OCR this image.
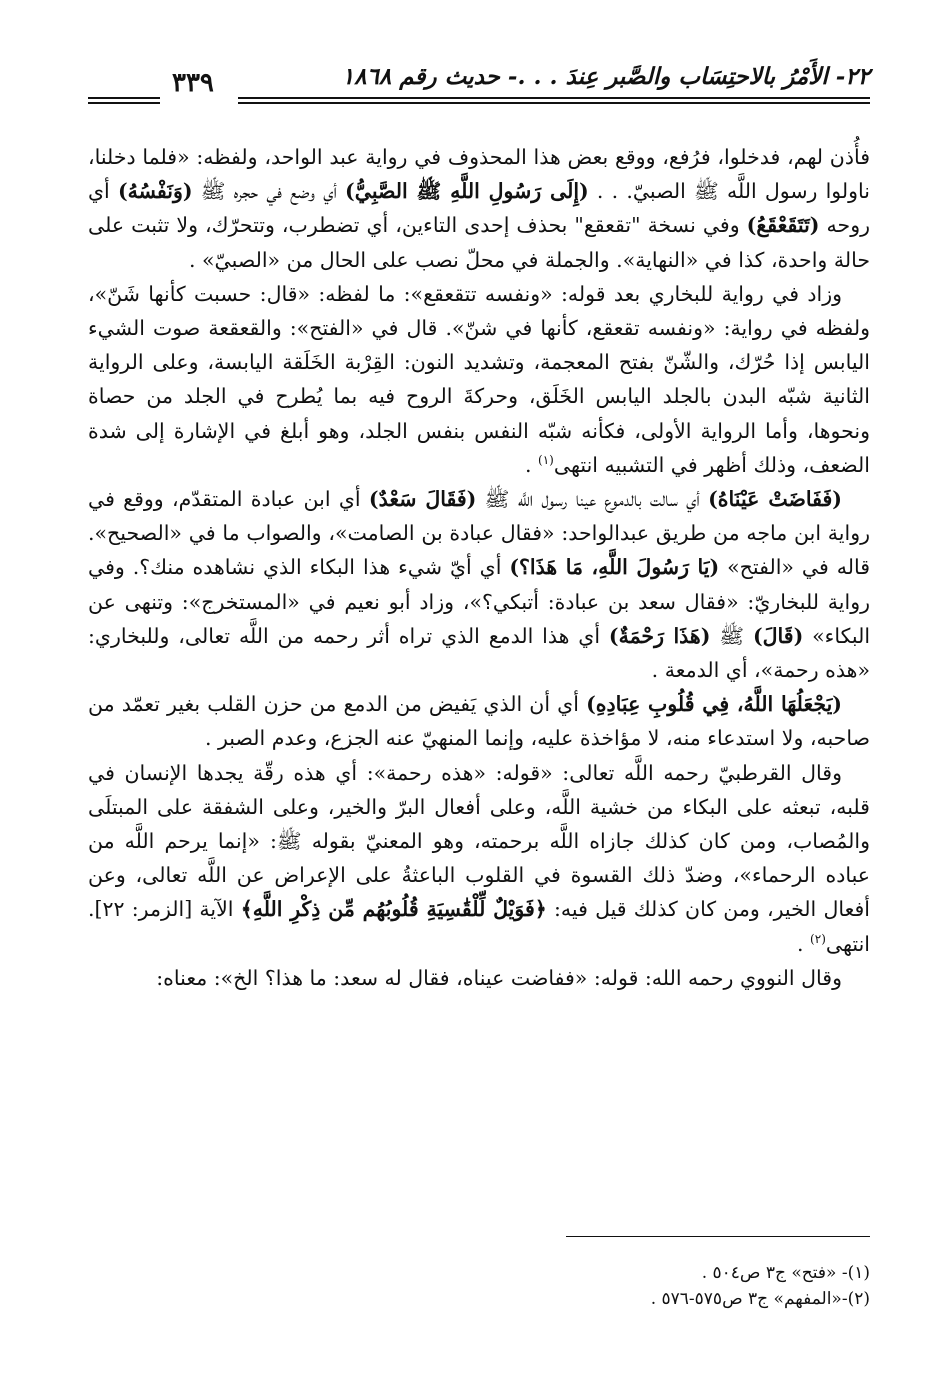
٢٢- الأَمْرُ بالاحتِسَاب والصَّبر عِندَ . . .- حديث رقم ١٨٦٨
٣٣٩

فأُذن لهم، فدخلوا، فرُفع، ووقع بعض هذا المحذوف في رواية عبد الواحد، ولفظه: «فلما دخلنا، ناولوا رسول اللَّه ﷺ الصبيّ. . . (إِلَى رَسُولِ اللَّهِ ﷺ الصَّبِيُّ) أي وضع في حجره ﷺ (وَنَفْسُهُ) أي روحه (تَتَقَعْقَعُ) وفي نسخة "تقعقع" بحذف إحدى التاءين، أي تضطرب، وتتحرّك، ولا تثبت على حالة واحدة، كذا في «النهاية». والجملة في محلّ نصب على الحال من «الصبيّ» .

وزاد في رواية للبخاري بعد قوله: «ونفسه تتقعقع»: ما لفظه: «قال: حسبت كأنها شَنّ»، ولفظه في رواية: «ونفسه تقعقع، كأنها في شنّ». قال في «الفتح»: والقعقعة صوت الشيء اليابس إذا حُرّك، والشّنّ بفتح المعجمة، وتشديد النون: القِرْبة الخَلَقة اليابسة، وعلى الرواية الثانية شبّه البدن بالجلد اليابس الخَلَق، وحركةَ الروح فيه بما يُطرح في الجلد من حصاة ونحوها، وأما الرواية الأولى، فكأنه شبّه النفس بنفس الجلد، وهو أبلغ في الإشارة إلى شدة الضعف، وذلك أظهر في التشبيه انتهى$^{(١)}$ .

(فَفَاضَتْ عَيْنَاهُ) أي سالت بالدموع عينا رسول اللَّه ﷺ (فَقَالَ سَعْدٌ) أي ابن عبادة المتقدّم، ووقع في رواية ابن ماجه من طريق عبدالواحد: «فقال عبادة بن الصامت»، والصواب ما في «الصحيح». قاله في «الفتح» (يَا رَسُولَ اللَّهِ، مَا هَذَا؟) أي أيّ شيء هذا البكاء الذي نشاهده منك؟. وفي رواية للبخاريّ: «فقال سعد بن عبادة: أتبكي؟»، وزاد أبو نعيم في «المستخرج»: وتنهى عن البكاء» (قَالَ) ﷺ (هَذَا رَحْمَةٌ) أي هذا الدمع الذي تراه أثر رحمه من اللَّه تعالى، وللبخاري: «هذه رحمة»، أي الدمعة .

(يَجْعَلُهَا اللَّهُ، فِي قُلُوبِ عِبَادِهِ) أي أن الذي يَفيض من الدمع من حزن القلب بغير تعمّد من صاحبه، ولا استدعاء منه، لا مؤاخذة عليه، وإنما المنهيّ عنه الجزع، وعدم الصبر .

وقال القرطبيّ رحمه اللَّه تعالى: «قوله: «هذه رحمة»: أي هذه رقّة يجدها الإنسان في قلبه، تبعثه على البكاء من خشية اللَّه، وعلى أفعال البرّ والخير، وعلى الشفقة على المبتلَى والمُصاب، ومن كان كذلك جازاه اللَّه برحمته، وهو المعنيّ بقوله ﷺ: «إنما يرحم اللَّه من عباده الرحماء»، وضدّ ذلك القسوة في القلوب الباعثةُ على الإعراض عن اللَّه تعالى، وعن أفعال الخير، ومن كان كذلك قيل فيه: ﴿فَوَيْلٌ لِّلْقَٰسِيَةِ قُلُوبُهُم مِّن ذِكْرِ اللَّهِ﴾ الآية [الزمر: ٢٢]. انتهى$^{(٢)}$ .

وقال النووي رحمه الله: قوله: «ففاضت عيناه، فقال له سعد: ما هذا؟ الخ»: معناه:

(١)- «فتح» ج٣ ص٥٠٤ .

(٢)-«المفهم» ج٣ ص٥٧٥-٥٧٦ .
